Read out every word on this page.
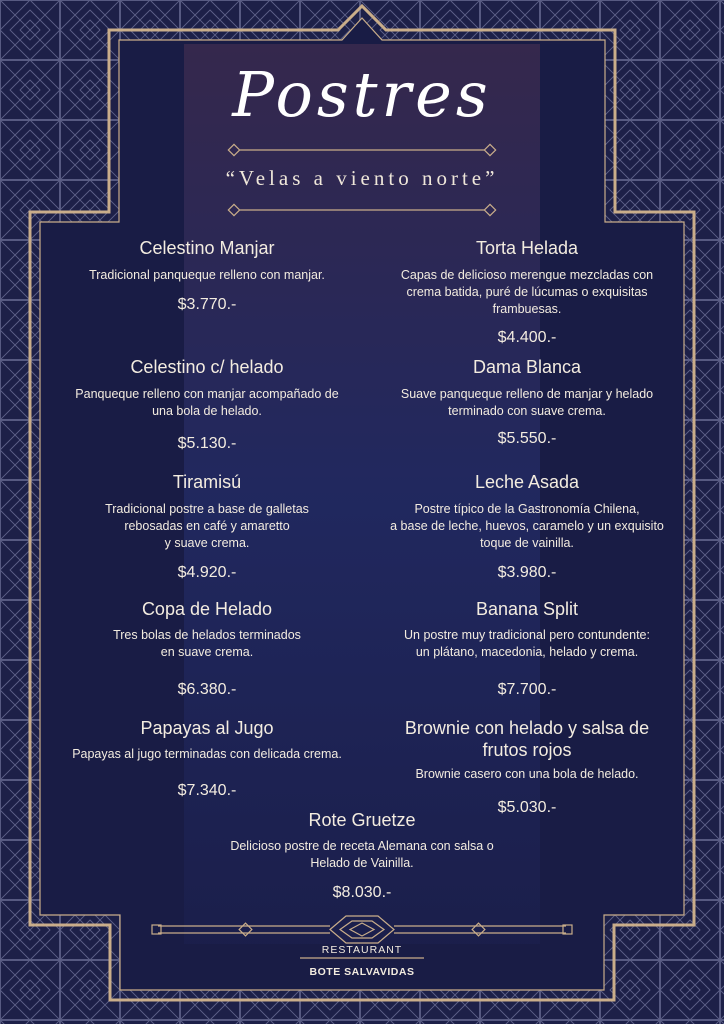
Postres
“Velas a viento norte”
Celestino Manjar
Tradicional panqueque relleno con manjar.
$3.770.-
Torta Helada
Capas de delicioso merengue mezcladas con
crema batida, puré de lúcumas o exquisitas
frambuesas.
$4.400.-
Celestino c/ helado
Panqueque relleno con manjar acompañado de
una bola de helado.
$5.130.-
Dama Blanca
Suave panqueque relleno de manjar y helado
terminado con suave crema.
$5.550.-
Tiramisú
Tradicional postre a base de galletas
rebosadas en café y amaretto
y suave crema.
$4.920.-
Leche Asada
Postre típico de la Gastronomía Chilena,
a base de leche, huevos, caramelo y un exquisito
toque de vainilla.
$3.980.-
Copa de Helado
Tres bolas de helados terminados
en suave crema.
$6.380.-
Banana Split
Un postre muy tradicional pero contundente:
un plátano, macedonia, helado y crema.
$7.700.-
Papayas al Jugo
Papayas al jugo terminadas con delicada crema.
$7.340.-
Brownie con helado y salsa de
frutos rojos
Brownie casero con una bola de helado.
$5.030.-
Rote Gruetze
Delicioso postre de receta Alemana con salsa o
Helado de Vainilla.
$8.030.-
RESTAURANT
BOTE SALVAVIDAS
